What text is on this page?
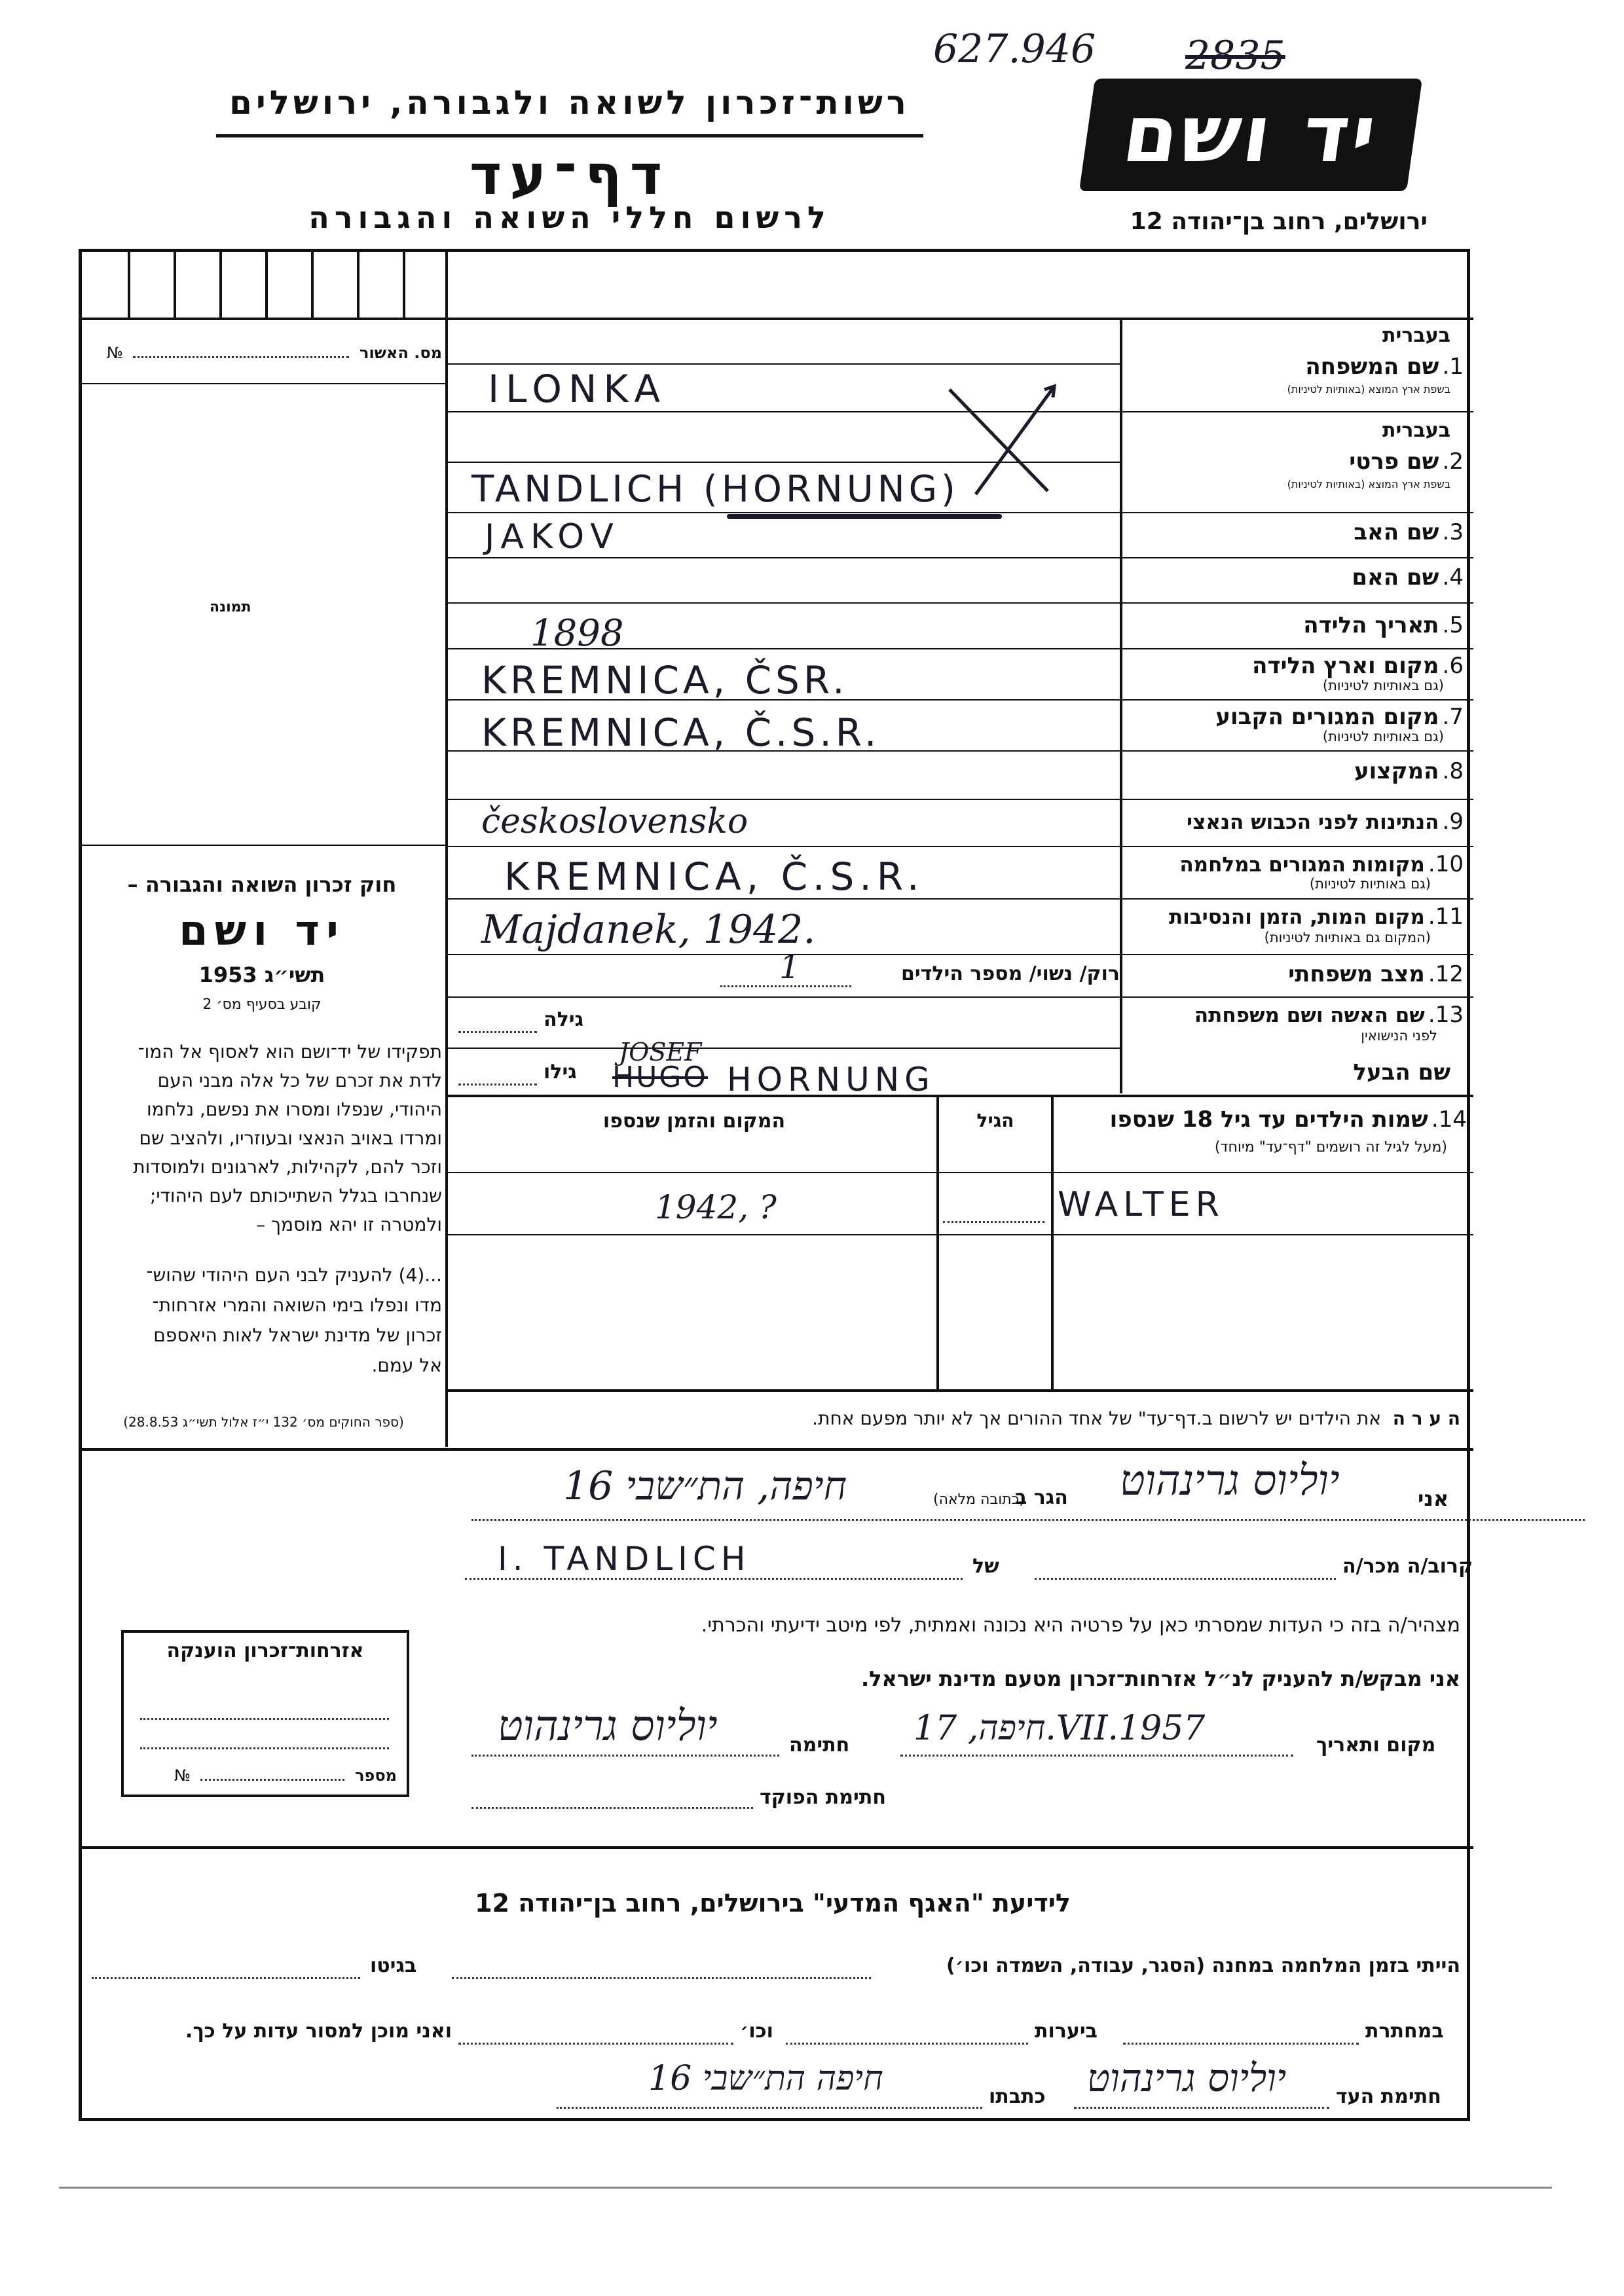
627.946 2835
רשות־זכרון לשואה ולגבורה, ירושלים
דף־עד
לרשום חללי השואה והגבורה
יד ושם
ירושלים, רחוב בן־יהודה 12
מס. האשור  №
תמונה
חוק זכרון השואה והגבורה –
יד ושם
תשי״ג 1953
קובע בסעיף מס׳ 2
תפקידו של יד־ושם הוא לאסוף אל המו־
לדת את זכרם של כל אלה מבני העם
היהודי, שנפלו ומסרו את נפשם, נלחמו
ומרדו באויב הנאצי ובעוזריו, ולהציב שם
וזכר להם, לקהילות, לארגונים ולמוסדות
שנחרבו בגלל השתייכותם לעם היהודי;
ולמטרה זו יהא מוסמך –
...(4) להעניק לבני העם היהודי שהוש־
מדו ונפלו בימי השואה והמרי אזרחות־
זכרון של מדינת ישראל לאות היאספם
אל עמם.
(ספר החוקים מס׳ 132 י״ז אלול תשי״ג 28.8.53)
בעברית
1. שם המשפחה
בשפת ארץ המוצא (באותיות לטיניות)
בעברית
2. שם פרטי
בשפת ארץ המוצא (באותיות לטיניות)
3. שם האב
4. שם האם
5. תאריך הלידה
6. מקום וארץ הלידה
(גם באותיות לטיניות)
7. מקום המגורים הקבוע
(גם באותיות לטיניות)
8. המקצוע
9. הנתינות לפני הכבוש הנאצי
10. מקומות המגורים במלחמה
(גם באותיות לטיניות)
11. מקום המות, הזמן והנסיבות
(המקום גם באותיות לטיניות)
12. מצב משפחתי
13. שם האשה ושם משפחתה
לפני הנישואין
שם הבעל
ILONKA
TANDLICH (HORNUNG)
JAKOV
1898
KREMNICA, ČSR.
KREMNICA, Č.S.R.
československo
KREMNICA, Č.S.R.
Majdanek, 1942.
רוק/ נשוי/ מספר הילדים
1
גילה
גילו
JOSEF
HUGO HORNUNG
14. שמות הילדים עד גיל 18 שנספו
(מעל לגיל זה רושמים "דף־עד" מיוחד)
הגיל
המקום והזמן שנספו
WALTER
1942, ?
ה ע ר ה  את הילדים יש לרשום ב.דף־עד" של אחד ההורים אך לא יותר מפעם אחת.
אני
יוליוס גרינהוט
הגר ב
(כתובה מלאה)
חיפה, הת״שבי 16
קרוב/ה מכר/ה
של
I. TANDLICH
מצהיר/ה בזה כי העדות שמסרתי כאן על פרטיה היא נכונה ואמתית, לפי מיטב ידיעתי והכרתי.
אני מבקש/ת להעניק לנ״ל אזרחות־זכרון מטעם מדינת ישראל.
מקום ותאריך
חיפה, 17.VII.1957
חתימה
יוליוס גרינהוט
חתימת הפוקד
אזרחות־זכרון הוענקה
מספר  №
לידיעת "האגף המדעי" בירושלים, רחוב בן־יהודה 12
הייתי בזמן המלחמה במחנה (הסגר, עבודה, השמדה וכו׳)
בגיטו
במחתרת
ביערות
וכו׳
ואני מוכן למסור עדות על כך.
חתימת העד
יוליוס גרינהוט
כתבתו
חיפה הת״שבי 16
